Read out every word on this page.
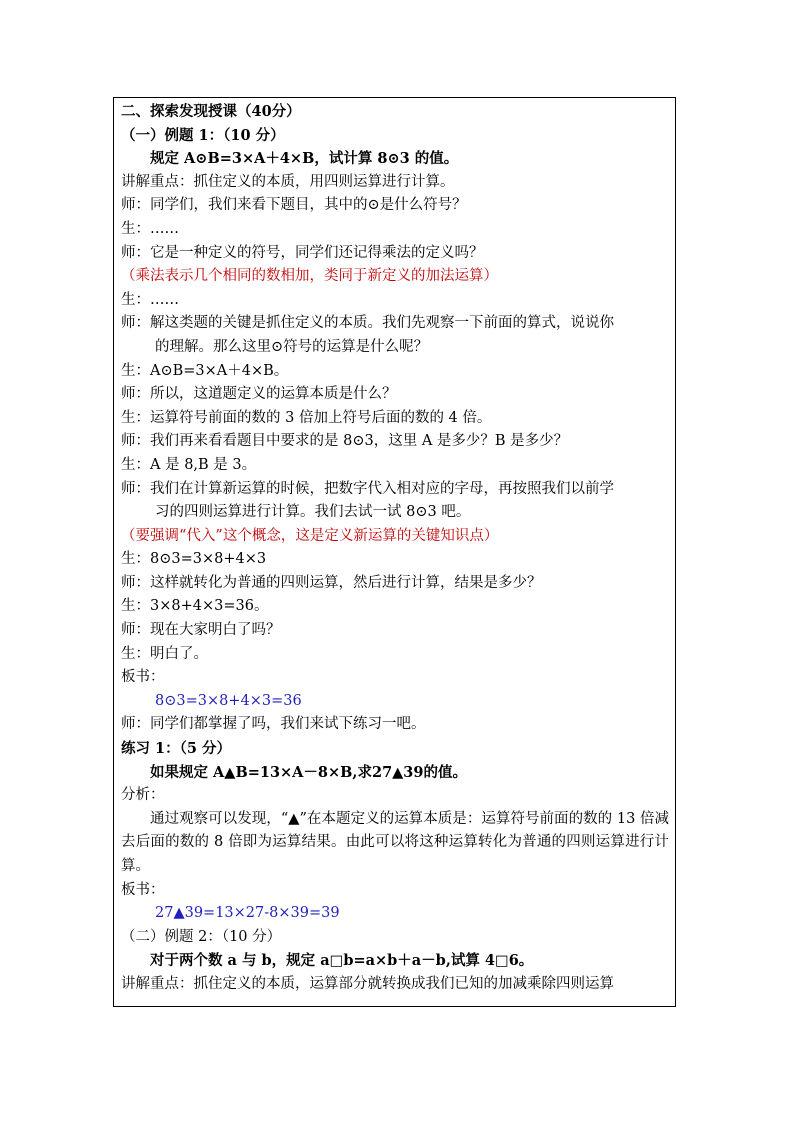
二、探索发现授课（40分）
（一）例题 1：（10 分）
规定 A⊙B=3×A＋4×B，试计算 8⊙3 的值。
讲解重点：抓住定义的本质，用四则运算进行计算。
师：同学们，我们来看下题目，其中的⊙是什么符号？
生：……
师：它是一种定义的符号，同学们还记得乘法的定义吗？
（乘法表示几个相同的数相加，类同于新定义的加法运算）
生：……
师：解这类题的关键是抓住定义的本质。我们先观察一下前面的算式，说说你
的理解。那么这里⊙符号的运算是什么呢？
生：A⊙B=3×A＋4×B。
师：所以，这道题定义的运算本质是什么？
生：运算符号前面的数的 3 倍加上符号后面的数的 4 倍。
师：我们再来看看题目中要求的是 8⊙3，这里 A 是多少？B 是多少？
生：A 是 8,B 是 3。
师：我们在计算新运算的时候，把数字代入相对应的字母，再按照我们以前学
习的四则运算进行计算。我们去试一试 8⊙3 吧。
（要强调“代入”这个概念，这是定义新运算的关键知识点）
生：8⊙3=3×8+4×3
师：这样就转化为普通的四则运算，然后进行计算，结果是多少？
生：3×8+4×3=36。
师：现在大家明白了吗？
生：明白了。
板书：
8⊙3=3×8+4×3=36
师：同学们都掌握了吗，我们来试下练习一吧。
练习 1：（5 分）
如果规定 A▲B=13×A－8×B,求27▲39的值。
分析：
通过观察可以发现，“▲”在本题定义的运算本质是：运算符号前面的数的 13 倍减去后面的数的 8 倍即为运算结果。由此可以将这种运算转化为普通的四则运算进行计算。
板书：
27▲39=13×27-8×39=39
（二）例题 2：（10 分）
对于两个数 a 与 b，规定 a□b=a×b＋a－b,试算 4□6。
讲解重点：抓住定义的本质，运算部分就转换成我们已知的加减乘除四则运算
